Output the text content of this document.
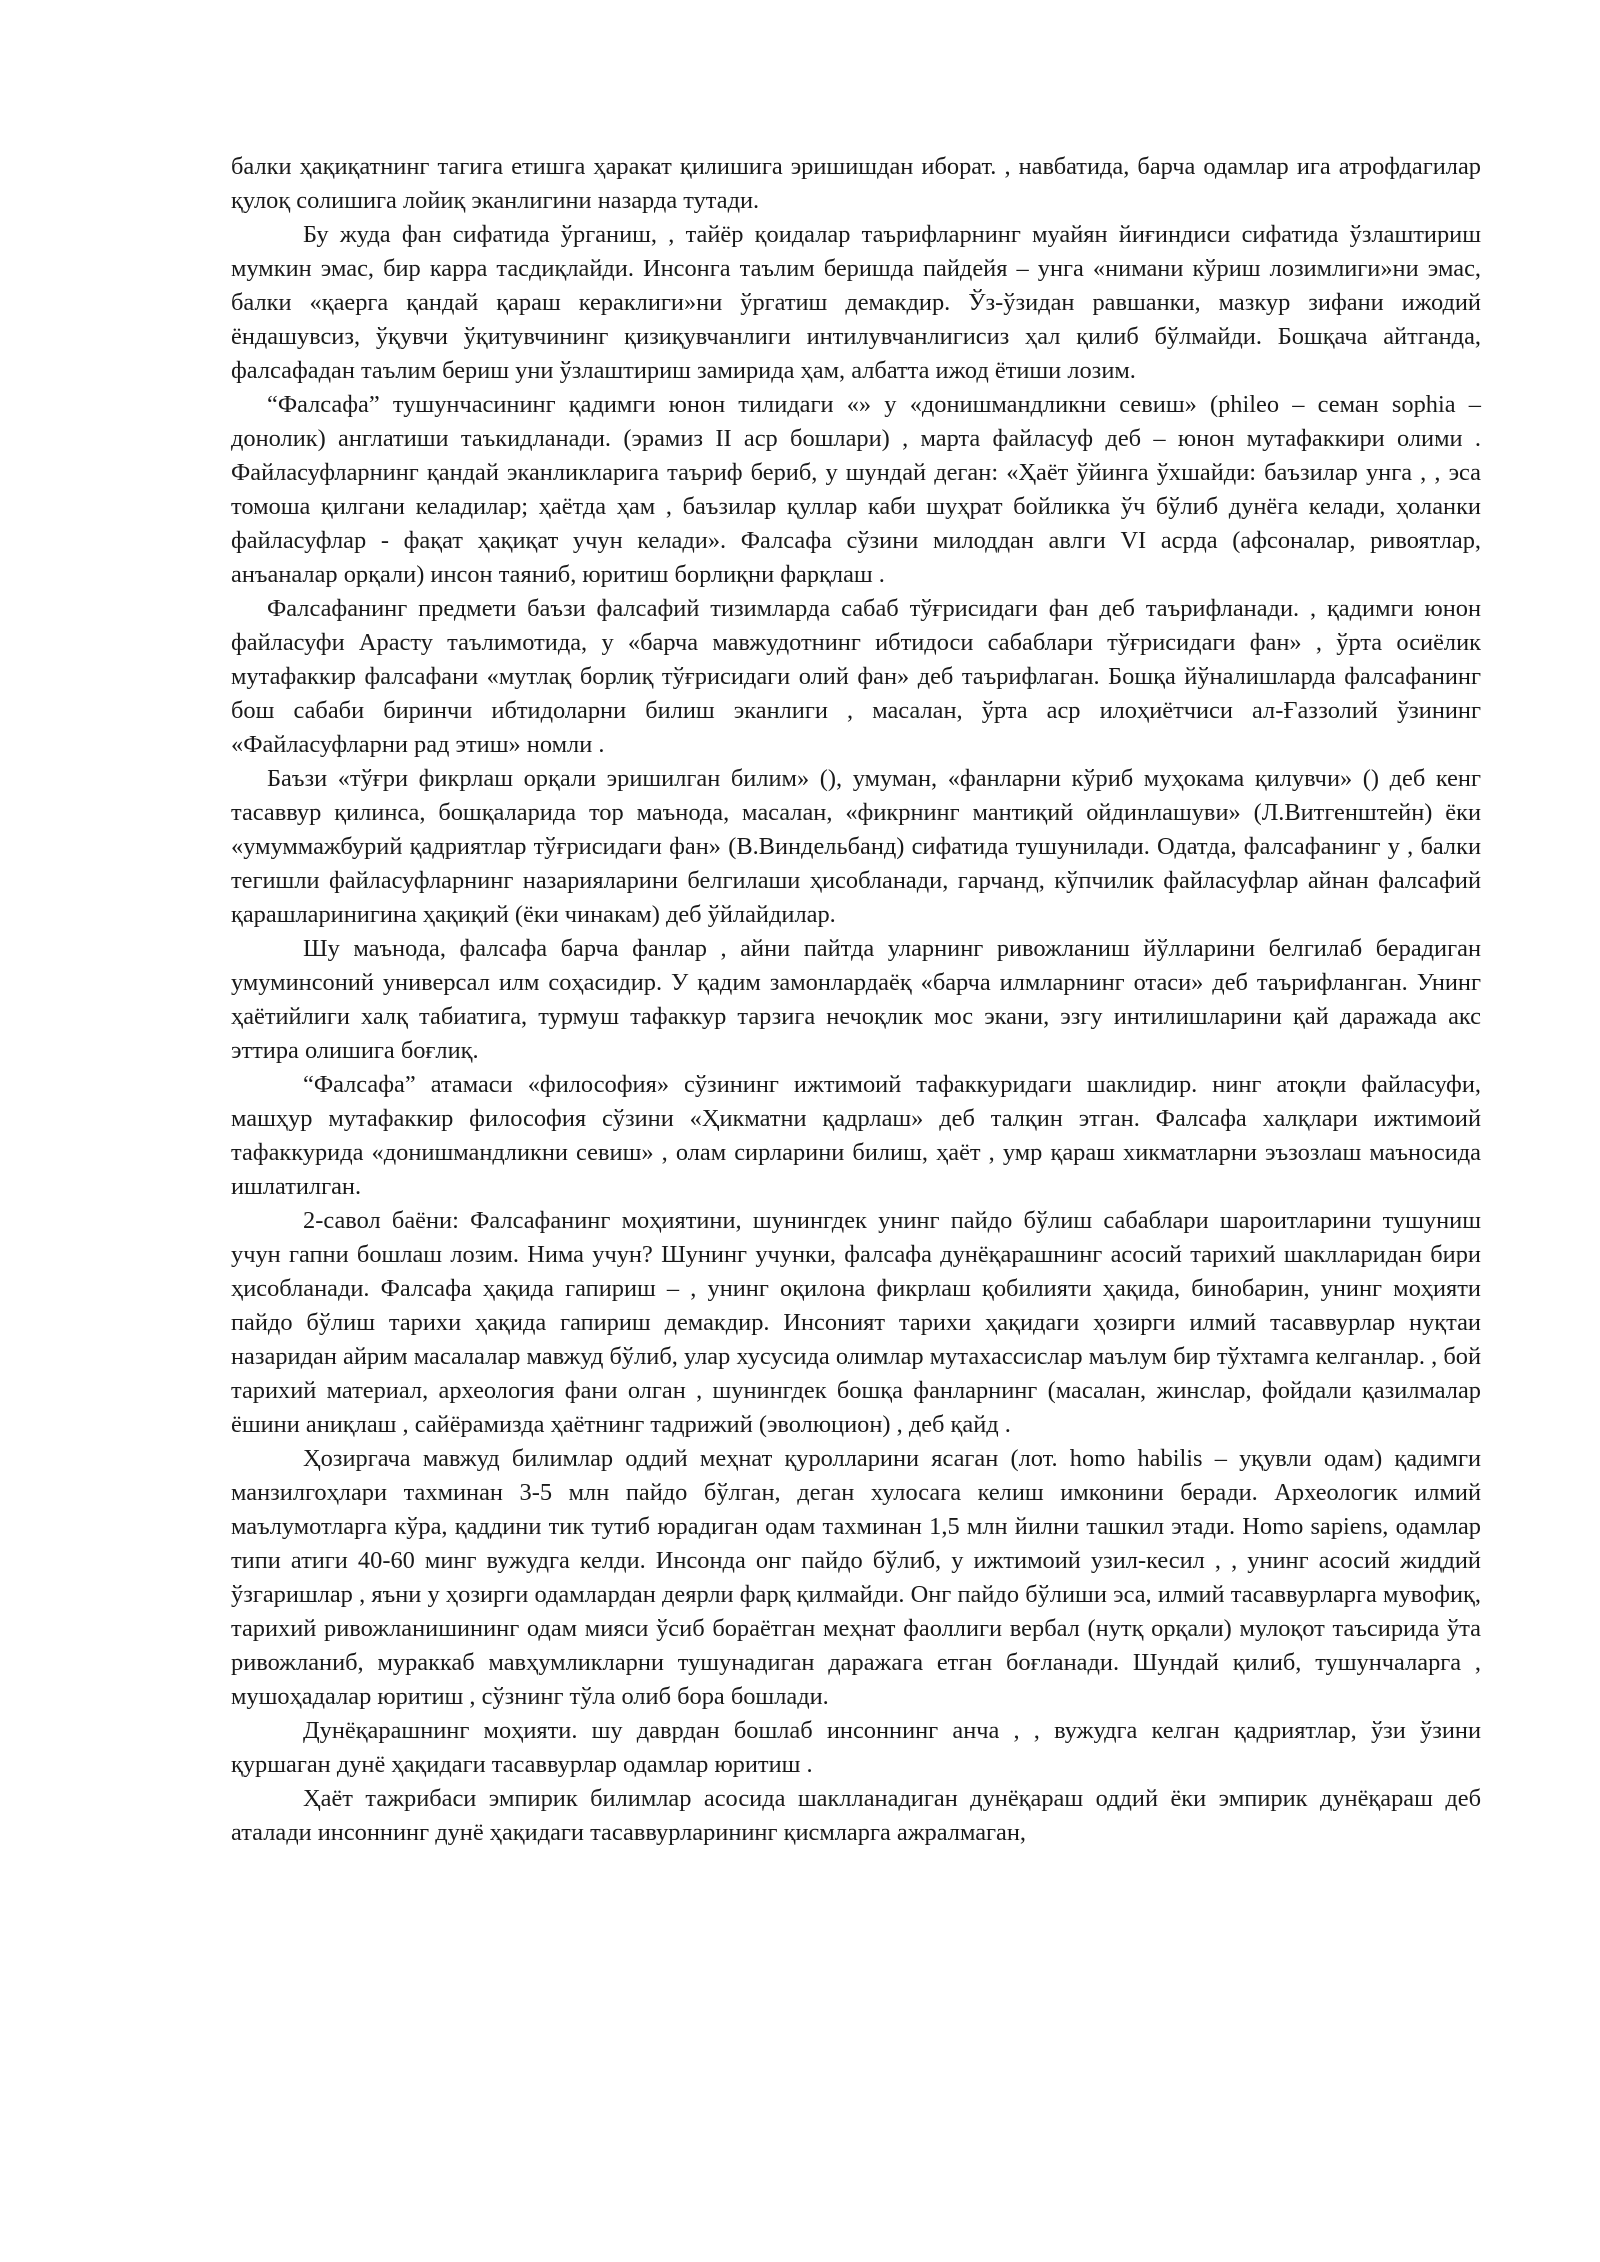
балки ҳақиқатнинг тагига етишга ҳаракат қилишига эришишдан иборат. , навбатида, барча одамлар ига атрофдагилар қулоқ солишига лойиқ эканлигини назарда тутади.

Бу жуда фан сифатида ўрганиш, , тайёр қоидалар таърифларнинг муайян йиғиндиси сифатида ўзлаштириш мумкин эмас, бир карра тасдиқлайди. Инсонга таълим беришда пайдейя – унга «нимани кўриш лозимлиги»ни эмас, балки «қаерга қандай қараш кераклиги»ни ўргатиш демакдир. Ўз-ўзидан равшанки, мазкур зифани ижодий ёндашувсиз, ўқувчи ўқитувчининг қизиқувчанлиги интилувчанлигисиз ҳал қилиб бўлмайди. Бошқача айтганда, фалсафадан таълим бериш уни ўзлаштириш замирида ҳам, албатта ижод ётиши лозим.

“Фалсафа” тушунчасининг қадимги юнон тилидаги «» у «донишмандликни севиш» (phileo – семан sophia – донолик) англатиши таъкидланади. (эрамиз II аср бошлари) , марта файласуф деб – юнон мутафаккири олими . Файласуфларнинг қандай эканликларига таъриф бериб, у шундай деган: «Ҳаёт ўйинга ўхшайди: баъзилар унга , , эса томоша қилгани келадилар; ҳаётда ҳам , баъзилар қуллар каби шуҳрат бойликка ўч бўлиб дунёга келади, ҳоланки файласуфлар - фақат ҳақиқат учун келади». Фалсафа сўзини милоддан авлги VI асрда (афсоналар, ривоятлар, анъаналар орқали) инсон таяниб, юритиш борлиқни фарқлаш .

Фалсафанинг предмети баъзи фалсафий тизимларда сабаб тўғрисидаги фан деб таърифланади. , қадимги юнон файласуфи Арасту таълимотида, у «барча мавжудотнинг ибтидоси сабаблари тўғрисидаги фан» , ўрта осиёлик мутафаккир фалсафани «мутлақ борлиқ тўғрисидаги олий фан» деб таърифлаган. Бошқа йўналишларда фалсафанинг бош сабаби биринчи ибтидоларни билиш эканлиги , масалан, ўрта аср илоҳиётчиси ал-Ғаззолий ўзининг «Файласуфларни рад этиш» номли .

Баъзи «тўғри фикрлаш орқали эришилган билим» (), умуман, «фанларни кўриб муҳокама қилувчи» () деб кенг тасаввур қилинса, бошқаларида тор маънода, масалан, «фикрнинг мантиқий ойдинлашуви» (Л.Витгенштейн) ёки «умуммажбурий қадриятлар тўғрисидаги фан» (В.Виндельбанд) сифатида тушунилади. Одатда, фалсафанинг у , балки тегишли файласуфларнинг назарияларини белгилаши ҳисобланади, гарчанд, кўпчилик файласуфлар айнан фалсафий қарашларинигина ҳақиқий (ёки чинакам) деб ўйлайдилар.

Шу маънода, фалсафа барча фанлар , айни пайтда уларнинг ривожланиш йўлларини белгилаб берадиган умуминсоний универсал илм соҳасидир. У қадим замонлардаёқ «барча илмларнинг отаси» деб таърифланган. Унинг ҳаётийлиги халқ табиатига, турмуш тафаккур тарзига нечоқлик мос экани, эзгу интилишларини қай даражада акс эттира олишига боғлиқ.

“Фалсафа” атамаси «философия» сўзининг ижтимоий тафаккуридаги шаклидир. нинг атоқли файласуфи, машҳур мутафаккир философия сўзини «Ҳикматни қадрлаш» деб талқин этган. Фалсафа халқлари ижтимоий тафаккурида «донишмандликни севиш» , олам сирларини билиш, ҳаёт , умр қараш хикматларни эъзозлаш маъносида ишлатилган.

2-савол баёни: Фалсафанинг моҳиятини, шунингдек унинг пайдо бўлиш сабаблари шароитларини тушуниш учун гапни бошлаш лозим. Нима учун? Шунинг учунки, фалсафа дунёқарашнинг асосий тарихий шаклларидан бири ҳисобланади. Фалсафа ҳақида гапириш – , унинг оқилона фикрлаш қобилияти ҳақида, бинобарин, унинг моҳияти пайдо бўлиш тарихи ҳақида гапириш демакдир. Инсоният тарихи ҳақидаги ҳозирги илмий тасаввурлар нуқтаи назаридан айрим масалалар мавжуд бўлиб, улар хусусида олимлар мутахассислар маълум бир тўхтамга келганлар. , бой тарихий материал, археология фани олган , шунингдек бошқа фанларнинг (масалан, жинслар, фойдали қазилмалар ёшини аниқлаш , сайёрамизда ҳаётнинг тадрижий (эволюцион) , деб қайд .

Ҳозиргача мавжуд билимлар оддий меҳнат қуролларини ясаган (лот. homo habilis – уқувли одам) қадимги манзилгоҳлари тахминан 3-5 млн пайдо бўлган, деган хулосага келиш имконини беради. Археологик илмий маълумотларга кўра, қаддини тик тутиб юрадиган одам тахминан 1,5 млн йилни ташкил этади. Homo sapiens, одамлар типи атиги 40-60 минг вужудга келди. Инсонда онг пайдо бўлиб, у ижтимоий узил-кесил , , унинг асосий жиддий ўзгаришлар , яъни у ҳозирги одамлардан деярли фарқ қилмайди. Онг пайдо бўлиши эса, илмий тасаввурларга мувофиқ, тарихий ривожланишининг одам мияси ўсиб бораётган меҳнат фаоллиги вербал (нутқ орқали) мулоқот таъсирида ўта ривожланиб, мураккаб мавҳумликларни тушунадиган даражага етган боғланади. Шундай қилиб, тушунчаларга , мушоҳадалар юритиш , сўзнинг тўла олиб бора бошлади.

Дунёқарашнинг моҳияти. шу даврдан бошлаб инсоннинг анча , , вужудга келган қадриятлар, ўзи ўзини қуршаган дунё ҳақидаги тасаввурлар одамлар юритиш .

Ҳаёт тажрибаси эмпирик билимлар асосида шаклланадиган дунёқараш оддий ёки эмпирик дунёқараш деб аталади инсоннинг дунё ҳақидаги тасаввурларининг қисмларга ажралмаган,
